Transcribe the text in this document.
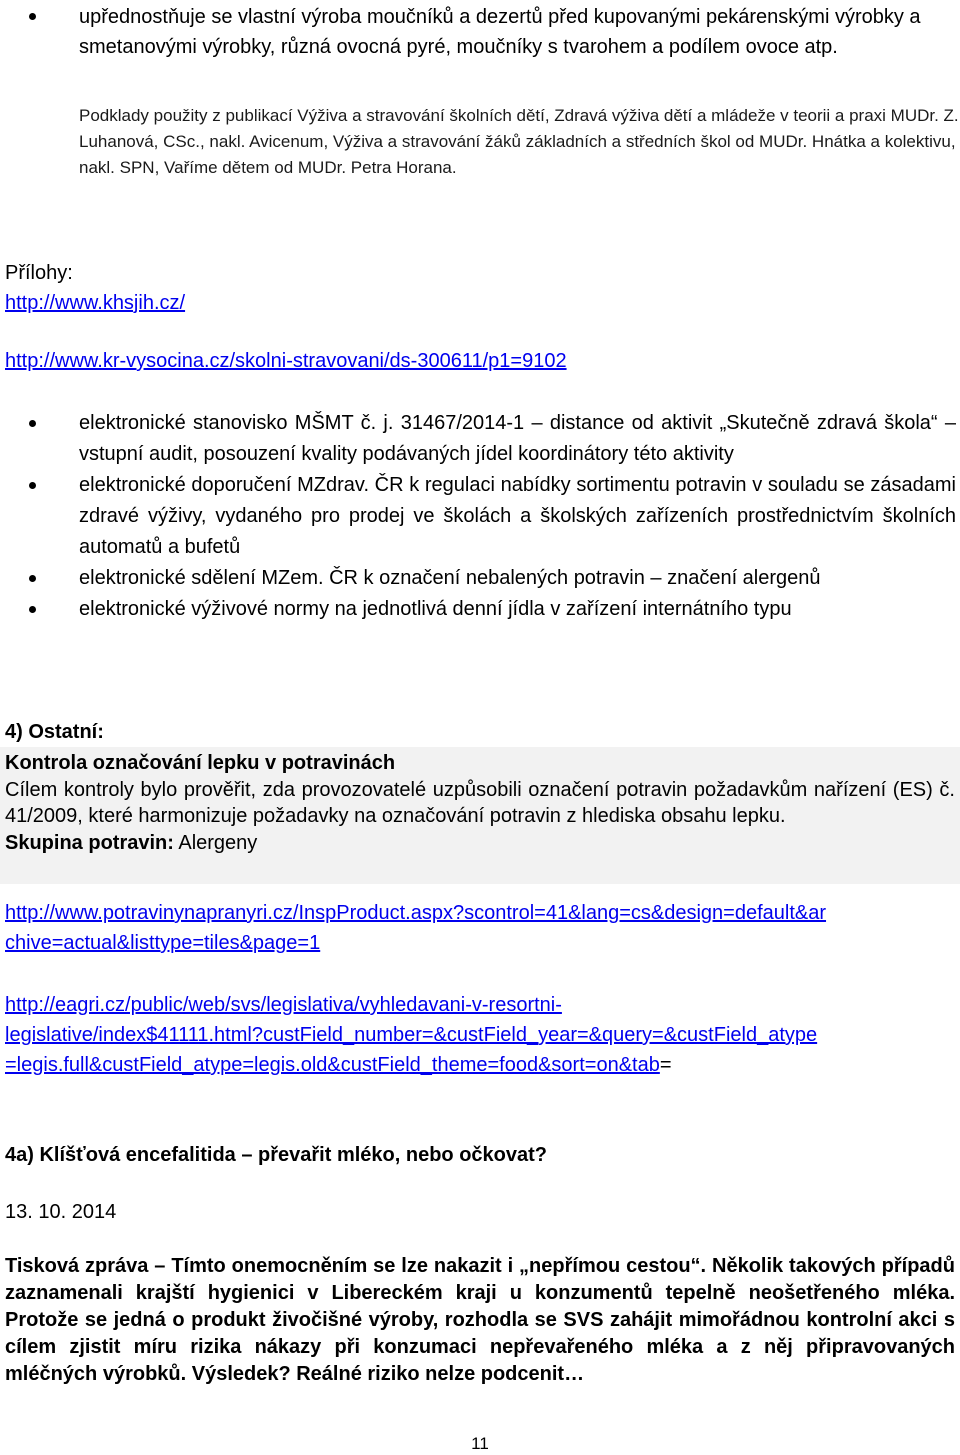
upřednostňuje se vlastní výroba moučníků a dezertů před kupovanými pekárenskými výrobky a smetanovými výrobky, různá ovocná pyré, moučníky s tvarohem a podílem ovoce atp.

Podklady použity z publikací Výživa a stravování školních dětí, Zdravá výživa dětí a mládeže v teorii a praxi MUDr. Z. Luhanová, CSc., nakl. Avicenum, Výživa a stravování žáků základních a středních škol od MUDr. Hnátka a kolektivu, nakl. SPN, Vaříme dětem od MUDr. Petra Horana.

Přílohy:
http://www.khsjih.cz/
http://www.kr-vysocina.cz/skolni-stravovani/ds-300611/p1=9102
elektronické stanovisko MŠMT č. j. 31467/2014-1 – distance od aktivit „Skutečně zdravá škola“ – vstupní audit, posouzení kvality podávaných jídel koordinátory této aktivity
elektronické doporučení MZdrav. ČR k regulaci nabídky sortimentu potravin v souladu se zásadami zdravé výživy, vydaného pro prodej ve školách a školských zařízeních prostřednictvím školních automatů a bufetů
elektronické sdělení MZem. ČR k označení nebalených potravin – značení alergenů
elektronické výživové normy na jednotlivá denní jídla v zařízení internátního typu
4) Ostatní:
Kontrola označování lepku v potravinách
Cílem kontroly bylo prověřit, zda provozovatelé uzpůsobili označení potravin požadavkům nařízení (ES) č. 41/2009, které harmonizuje požadavky na označování potravin z hlediska obsahu lepku.
Skupina potravin: Alergeny
http://www.potravinynapranyri.cz/InspProduct.aspx?scontrol=41&lang=cs&design=default&ar
chive=actual&listtype=tiles&page=1
http://eagri.cz/public/web/svs/legislativa/vyhledavani-v-resortni-
legislative/index$41111.html?custField_number=&custField_year=&query=&custField_atype
=legis.full&custField_atype=legis.old&custField_theme=food&sort=on&tab=
4a) Klíšťová encefalitida – převařit mléko, nebo očkovat?
13. 10. 2014

Tisková zpráva – Tímto onemocněním se lze nakazit i „nepřímou cestou“. Několik takových případů zaznamenali krajští hygienici v Libereckém kraji u konzumentů tepelně neošetřeného mléka. Protože se jedná o produkt živočišné výroby, rozhodla se SVS zahájit mimořádnou kontrolní akci s cílem zjistit míru rizika nákazy při konzumaci nepřevařeného mléka a z něj připravovaných mléčných výrobků. Výsledek? Reálné riziko nelze podcenit…

11
